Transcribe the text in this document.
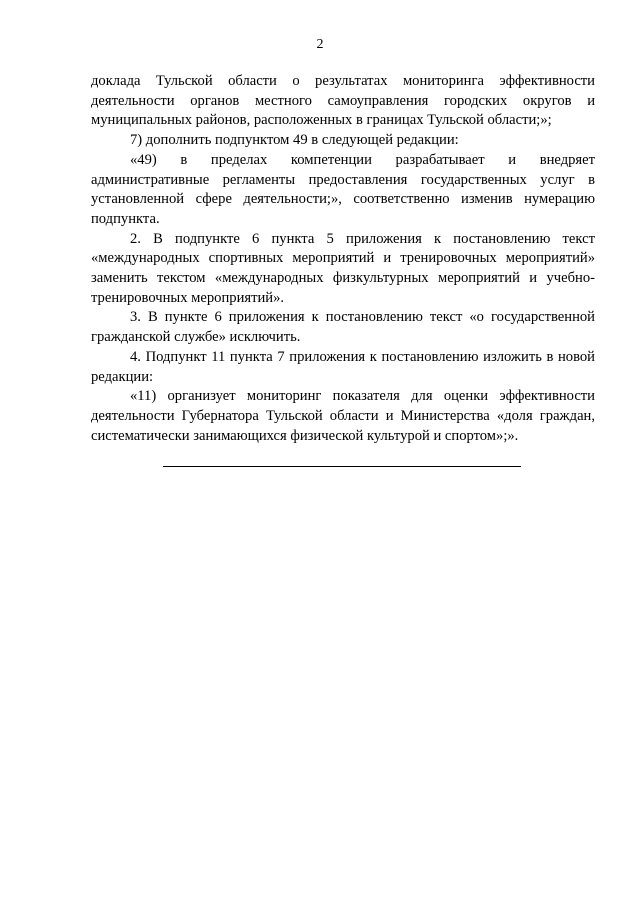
2

доклада Тульской области о результатах мониторинга эффективности деятельности органов местного самоуправления городских округов и муниципальных районов, расположенных в границах Тульской области;»;

7) дополнить подпунктом 49 в следующей редакции:

«49) в пределах компетенции разрабатывает и внедряет административные регламенты предоставления государственных услуг в установленной сфере деятельности;», соответственно изменив нумерацию подпункта.

2. В подпункте 6 пункта 5 приложения к постановлению текст «международных спортивных мероприятий и тренировочных мероприятий» заменить текстом «международных физкультурных мероприятий и учебно-тренировочных мероприятий».

3. В пункте 6 приложения к постановлению текст «о государственной гражданской службе» исключить.

4. Подпункт 11 пункта 7 приложения к постановлению изложить в новой редакции:

«11) организует мониторинг показателя для оценки эффективности деятельности Губернатора Тульской области и Министерства «доля граждан, систематически занимающихся физической культурой и спортом»;».
